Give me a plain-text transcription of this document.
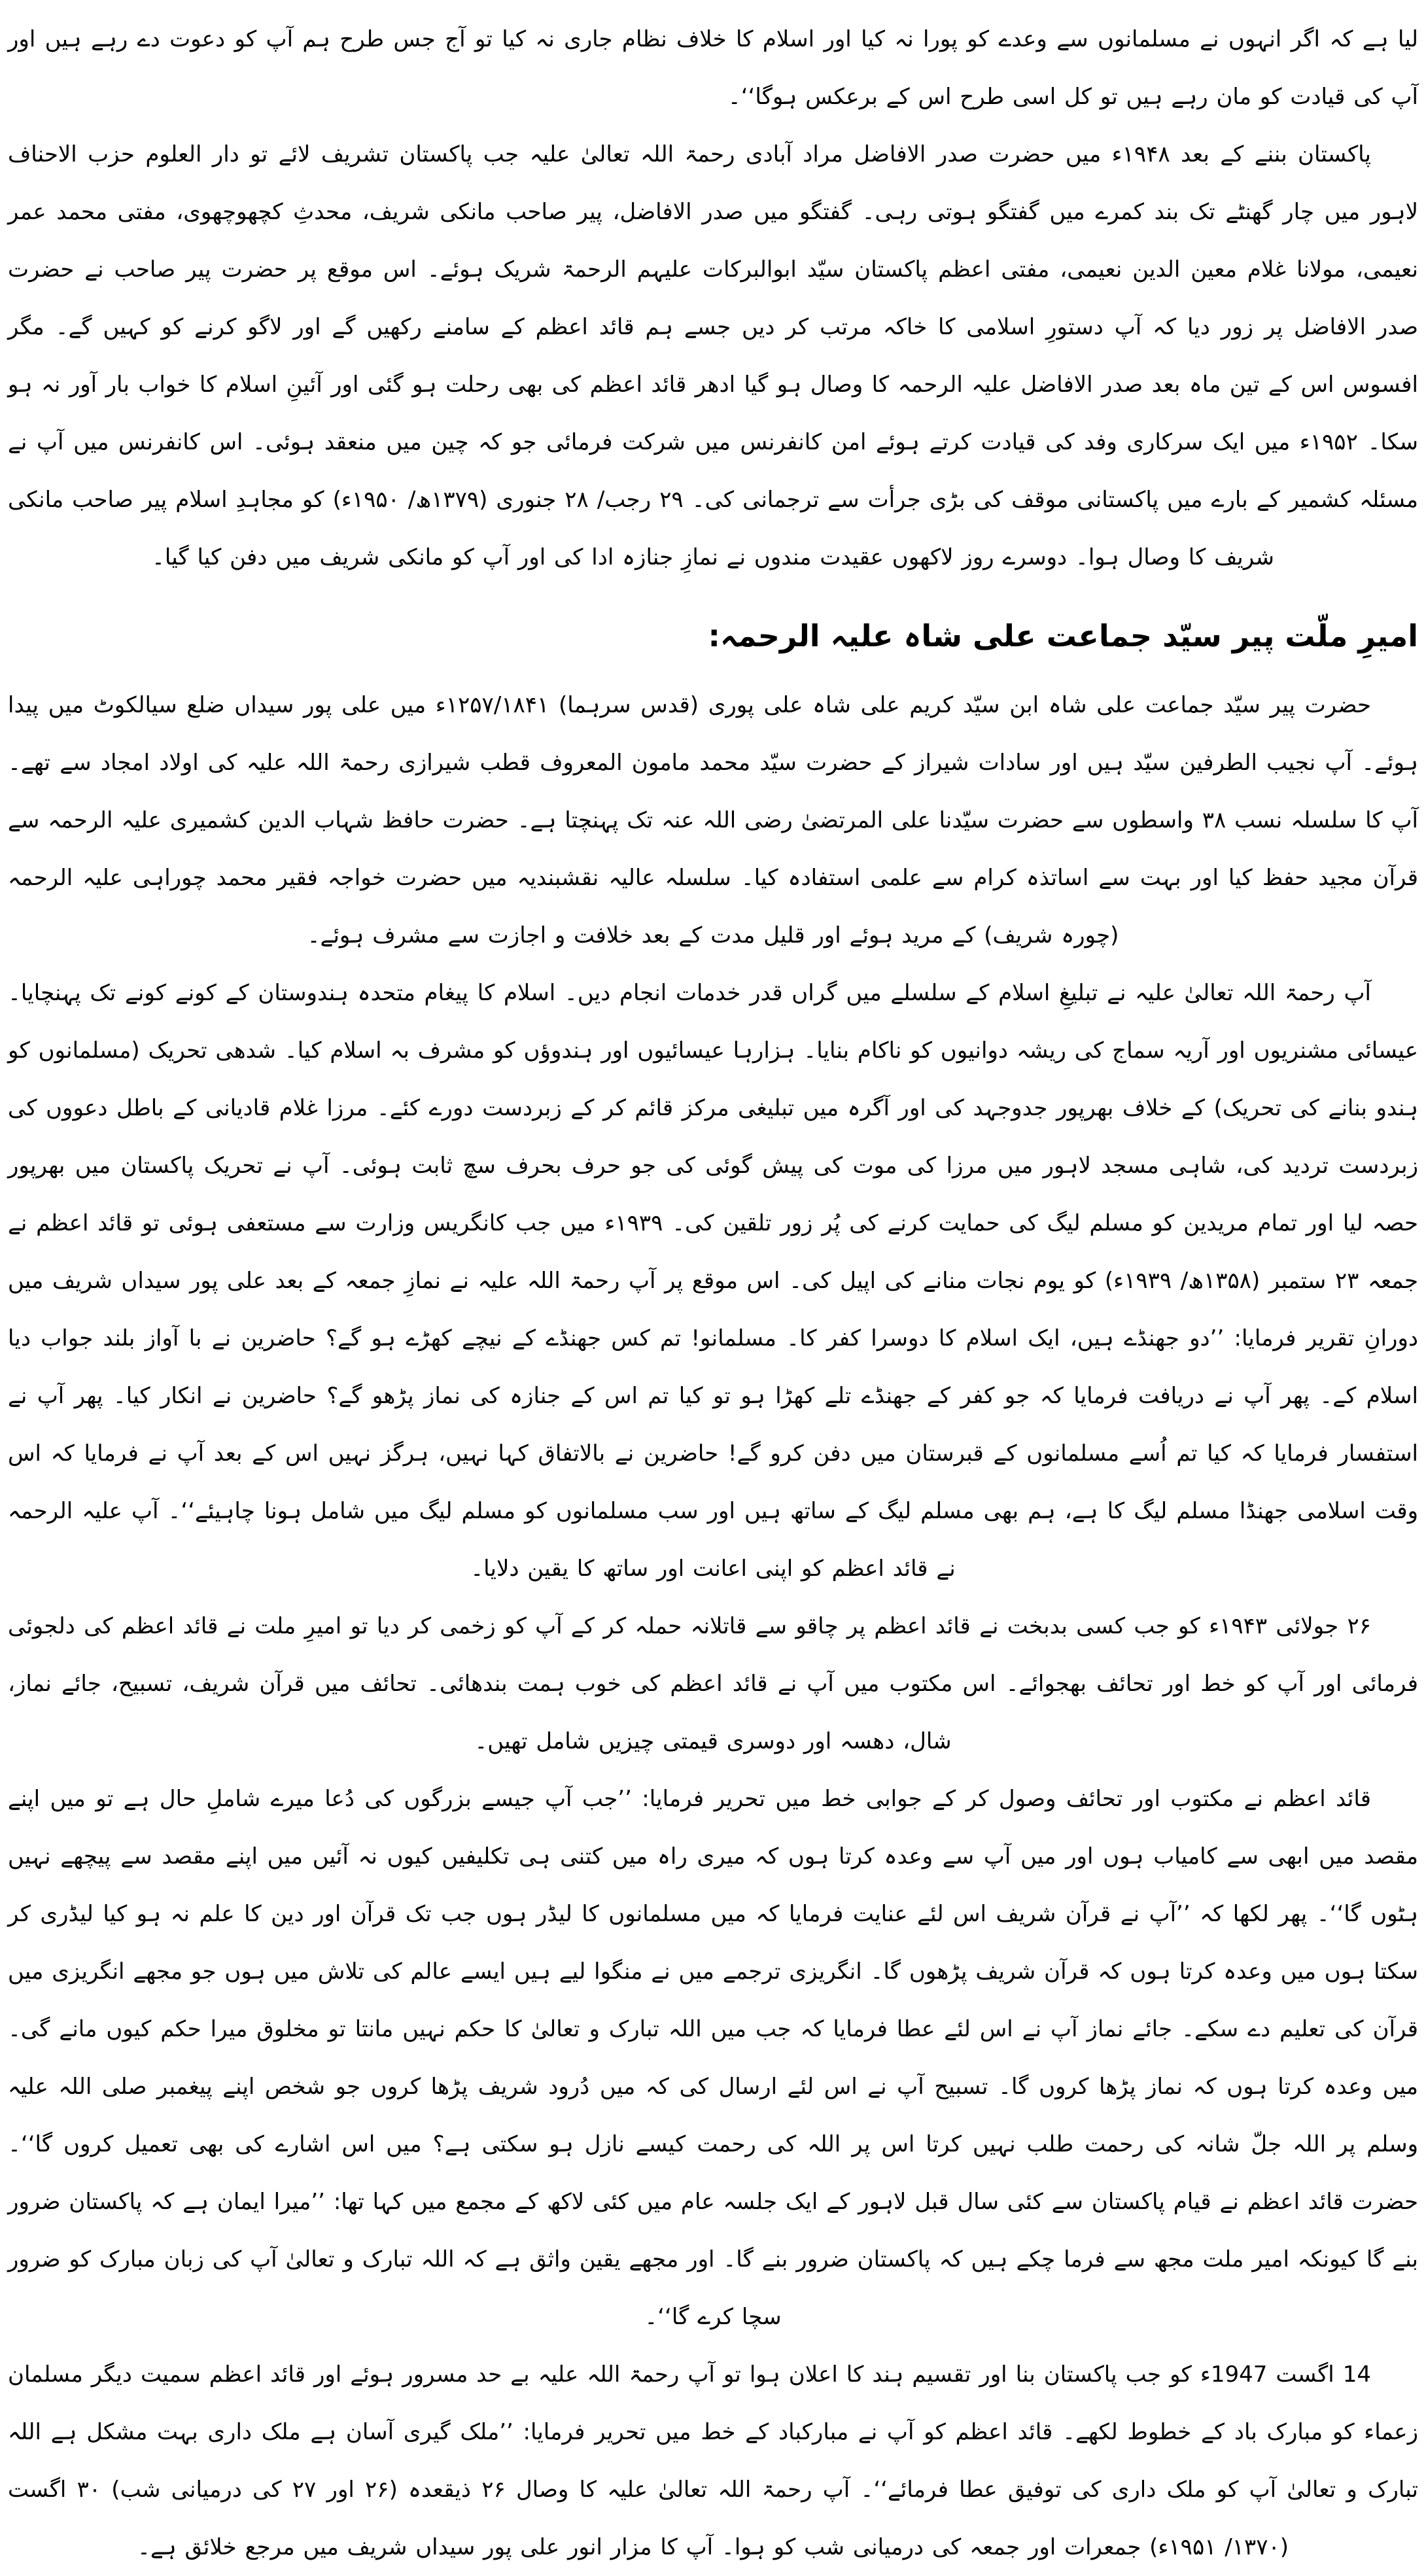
لیا ہے کہ اگر انہوں نے مسلمانوں سے وعدے کو پورا نہ کیا اور اسلام کا خلاف نظام جاری نہ کیا تو آج جس طرح ہم آپ کو دعوت دے رہے ہیں اور آپ کی قیادت کو مان رہے ہیں تو کل اسی طرح اس کے برعکس ہوگا‘‘۔

پاکستان بننے کے بعد ۱۹۴۸ء میں حضرت صدر الافاضل مراد آبادی رحمۃ اللہ تعالیٰ علیہ جب پاکستان تشریف لائے تو دار العلوم حزب الاحناف لاہور میں چار گھنٹے تک بند کمرے میں گفتگو ہوتی رہی۔ گفتگو میں صدر الافاضل، پیر صاحب مانکی شریف، محدثِ کچھوچھوی، مفتی محمد عمر نعیمی، مولانا غلام معین الدین نعیمی، مفتی اعظم پاکستان سیّد ابوالبرکات علیہم الرحمۃ شریک ہوئے۔ اس موقع پر حضرت پیر صاحب نے حضرت صدر الافاضل پر زور دیا کہ آپ دستورِ اسلامی کا خاکہ مرتب کر دیں جسے ہم قائد اعظم کے سامنے رکھیں گے اور لاگو کرنے کو کہیں گے۔ مگر افسوس اس کے تین ماہ بعد صدر الافاضل علیہ الرحمہ کا وصال ہو گیا ادھر قائد اعظم کی بھی رحلت ہو گئی اور آئینِ اسلام کا خواب بار آور نہ ہو سکا۔ ۱۹۵۲ء میں ایک سرکاری وفد کی قیادت کرتے ہوئے امن کانفرنس میں شرکت فرمائی جو کہ چین میں منعقد ہوئی۔ اس کانفرنس میں آپ نے مسئلہ کشمیر کے بارے میں پاکستانی موقف کی بڑی جرأت سے ترجمانی کی۔ ۲۹ رجب/ ۲۸ جنوری (۱۳۷۹ھ/ ۱۹۵۰ء) کو مجاہدِ اسلام پیر صاحب مانکی شریف کا وصال ہوا۔ دوسرے روز لاکھوں عقیدت مندوں نے نمازِ جنازہ ادا کی اور آپ کو مانکی شریف میں دفن کیا گیا۔

امیرِ ملّت پیر سیّد جماعت علی شاہ علیہ الرحمہ:

حضرت پیر سیّد جماعت علی شاہ ابن سیّد کریم علی شاہ علی پوری (قدس سرہما) ۱۲۵۷/۱۸۴۱ء میں علی پور سیداں ضلع سیالکوٹ میں پیدا ہوئے۔ آپ نجیب الطرفین سیّد ہیں اور سادات شیراز کے حضرت سیّد محمد مامون المعروف قطب شیرازی رحمۃ اللہ علیہ کی اولاد امجاد سے تھے۔ آپ کا سلسلہ نسب ۳۸ واسطوں سے حضرت سیّدنا علی المرتضیٰ رضی اللہ عنہ تک پہنچتا ہے۔ حضرت حافظ شہاب الدین کشمیری علیہ الرحمہ سے قرآن مجید حفظ کیا اور بہت سے اساتذہ کرام سے علمی استفادہ کیا۔ سلسلہ عالیہ نقشبندیہ میں حضرت خواجہ فقیر محمد چوراہی علیہ الرحمہ (چورہ شریف) کے مرید ہوئے اور قلیل مدت کے بعد خلافت و اجازت سے مشرف ہوئے۔

آپ رحمۃ اللہ تعالیٰ علیہ نے تبلیغِ اسلام کے سلسلے میں گراں قدر خدمات انجام دیں۔ اسلام کا پیغام متحدہ ہندوستان کے کونے کونے تک پہنچایا۔ عیسائی مشنریوں اور آریہ سماج کی ریشہ دوانیوں کو ناکام بنایا۔ ہزارہا عیسائیوں اور ہندوؤں کو مشرف بہ اسلام کیا۔ شدھی تحریک (مسلمانوں کو ہندو بنانے کی تحریک) کے خلاف بھرپور جدوجہد کی اور آگرہ میں تبلیغی مرکز قائم کر کے زبردست دورے کئے۔ مرزا غلام قادیانی کے باطل دعووں کی زبردست تردید کی، شاہی مسجد لاہور میں مرزا کی موت کی پیش گوئی کی جو حرف بحرف سچ ثابت ہوئی۔ آپ نے تحریک پاکستان میں بھرپور حصہ لیا اور تمام مریدین کو مسلم لیگ کی حمایت کرنے کی پُر زور تلقین کی۔ ۱۹۳۹ء میں جب کانگریس وزارت سے مستعفی ہوئی تو قائد اعظم نے جمعہ ۲۳ ستمبر (۱۳۵۸ھ/ ۱۹۳۹ء) کو یوم نجات منانے کی اپیل کی۔ اس موقع پر آپ رحمۃ اللہ علیہ نے نمازِ جمعہ کے بعد علی پور سیداں شریف میں دورانِ تقریر فرمایا: ’’دو جھنڈے ہیں، ایک اسلام کا دوسرا کفر کا۔ مسلمانو! تم کس جھنڈے کے نیچے کھڑے ہو گے؟ حاضرین نے با آواز بلند جواب دیا اسلام کے۔ پھر آپ نے دریافت فرمایا کہ جو کفر کے جھنڈے تلے کھڑا ہو تو کیا تم اس کے جنازہ کی نماز پڑھو گے؟ حاضرین نے انکار کیا۔ پھر آپ نے استفسار فرمایا کہ کیا تم اُسے مسلمانوں کے قبرستان میں دفن کرو گے! حاضرین نے بالاتفاق کہا نہیں، ہرگز نہیں اس کے بعد آپ نے فرمایا کہ اس وقت اسلامی جھنڈا مسلم لیگ کا ہے، ہم بھی مسلم لیگ کے ساتھ ہیں اور سب مسلمانوں کو مسلم لیگ میں شامل ہونا چاہیئے‘‘۔ آپ علیہ الرحمہ نے قائد اعظم کو اپنی اعانت اور ساتھ کا یقین دلایا۔

۲۶ جولائی ۱۹۴۳ء کو جب کسی بدبخت نے قائد اعظم پر چاقو سے قاتلانہ حملہ کر کے آپ کو زخمی کر دیا تو امیرِ ملت نے قائد اعظم کی دلجوئی فرمائی اور آپ کو خط اور تحائف بھجوائے۔ اس مکتوب میں آپ نے قائد اعظم کی خوب ہمت بندھائی۔ تحائف میں قرآن شریف، تسبیح، جائے نماز، شال، دھسہ اور دوسری قیمتی چیزیں شامل تھیں۔

قائد اعظم نے مکتوب اور تحائف وصول کر کے جوابی خط میں تحریر فرمایا: ’’جب آپ جیسے بزرگوں کی دُعا میرے شاملِ حال ہے تو میں اپنے مقصد میں ابھی سے کامیاب ہوں اور میں آپ سے وعدہ کرتا ہوں کہ میری راہ میں کتنی ہی تکلیفیں کیوں نہ آئیں میں اپنے مقصد سے پیچھے نہیں ہٹوں گا‘‘۔ پھر لکھا کہ ’’آپ نے قرآن شریف اس لئے عنایت فرمایا کہ میں مسلمانوں کا لیڈر ہوں جب تک قرآن اور دین کا علم نہ ہو کیا لیڈری کر سکتا ہوں میں وعدہ کرتا ہوں کہ قرآن شریف پڑھوں گا۔ انگریزی ترجمے میں نے منگوا لیے ہیں ایسے عالم کی تلاش میں ہوں جو مجھے انگریزی میں قرآن کی تعلیم دے سکے۔ جائے نماز آپ نے اس لئے عطا فرمایا کہ جب میں اللہ تبارک و تعالیٰ کا حکم نہیں مانتا تو مخلوق میرا حکم کیوں مانے گی۔ میں وعدہ کرتا ہوں کہ نماز پڑھا کروں گا۔ تسبیح آپ نے اس لئے ارسال کی کہ میں دُرود شریف پڑھا کروں جو شخص اپنے پیغمبر صلی اللہ علیہ وسلم پر اللہ جلّ شانہ کی رحمت طلب نہیں کرتا اس پر اللہ کی رحمت کیسے نازل ہو سکتی ہے؟ میں اس اشارے کی بھی تعمیل کروں گا‘‘۔ حضرت قائد اعظم نے قیام پاکستان سے کئی سال قبل لاہور کے ایک جلسہ عام میں کئی لاکھ کے مجمع میں کہا تھا: ’’میرا ایمان ہے کہ پاکستان ضرور بنے گا کیونکہ امیر ملت مجھ سے فرما چکے ہیں کہ پاکستان ضرور بنے گا۔ اور مجھے یقین واثق ہے کہ اللہ تبارک و تعالیٰ آپ کی زبان مبارک کو ضرور سچا کرے گا‘‘۔

14 اگست 1947ء کو جب پاکستان بنا اور تقسیم ہند کا اعلان ہوا تو آپ رحمۃ اللہ علیہ بے حد مسرور ہوئے اور قائد اعظم سمیت دیگر مسلمان زعماء کو مبارک باد کے خطوط لکھے۔ قائد اعظم کو آپ نے مبارکباد کے خط میں تحریر فرمایا: ’’ملک گیری آسان ہے ملک داری بہت مشکل ہے اللہ تبارک و تعالیٰ آپ کو ملک داری کی توفیق عطا فرمائے‘‘۔ آپ رحمۃ اللہ تعالیٰ علیہ کا وصال ۲۶ ذیقعدہ (۲۶ اور ۲۷ کی درمیانی شب) ۳۰ اگست (۱۳۷۰/ ۱۹۵۱ء) جمعرات اور جمعہ کی درمیانی شب کو ہوا۔ آپ کا مزار انور علی پور سیداں شریف میں مرجع خلائق ہے۔
